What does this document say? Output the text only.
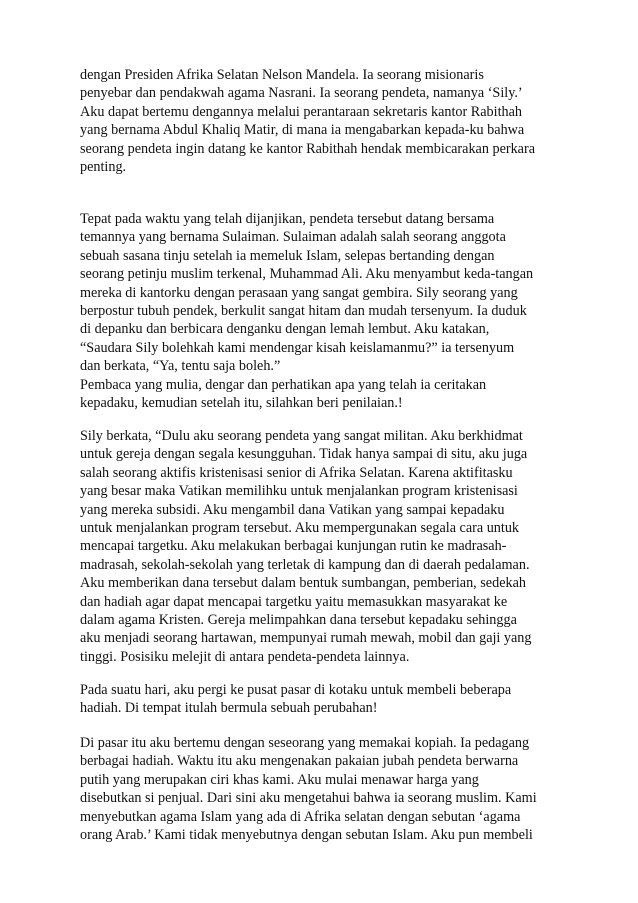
dengan Presiden Afrika Selatan Nelson Mandela. Ia seorang misionaris
penyebar dan pendakwah agama Nasrani. Ia seorang pendeta, namanya ‘Sily.’
Aku dapat bertemu dengannya melalui perantaraan sekretaris kantor Rabithah
yang bernama Abdul Khaliq Matir, di mana ia mengabarkan kepada-ku bahwa
seorang pendeta ingin datang ke kantor Rabithah hendak membicarakan perkara
penting.
Tepat pada waktu yang telah dijanjikan, pendeta tersebut datang bersama
temannya yang bernama Sulaiman. Sulaiman adalah salah seorang anggota
sebuah sasana tinju setelah ia memeluk Islam, selepas bertanding dengan
seorang petinju muslim terkenal, Muhammad Ali. Aku menyambut keda-tangan
mereka di kantorku dengan perasaan yang sangat gembira. Sily seorang yang
berpostur tubuh pendek, berkulit sangat hitam dan mudah tersenyum. Ia duduk
di depanku dan berbicara denganku dengan lemah lembut. Aku katakan,
“Saudara Sily bolehkah kami mendengar kisah keislamanmu?” ia tersenyum
dan berkata, “Ya, tentu saja boleh.”
Pembaca yang mulia, dengar dan perhatikan apa yang telah ia ceritakan
kepadaku, kemudian setelah itu, silahkan beri penilaian.!
Sily berkata, “Dulu aku seorang pendeta yang sangat militan. Aku berkhidmat
untuk gereja dengan segala kesungguhan. Tidak hanya sampai di situ, aku juga
salah seorang aktifis kristenisasi senior di Afrika Selatan. Karena aktifitasku
yang besar maka Vatikan memilihku untuk menjalankan program kristenisasi
yang mereka subsidi. Aku mengambil dana Vatikan yang sampai kepadaku
untuk menjalankan program tersebut. Aku mempergunakan segala cara untuk
mencapai targetku. Aku melakukan berbagai kunjungan rutin ke madrasah-
madrasah, sekolah-sekolah yang terletak di kampung dan di daerah pedalaman.
Aku memberikan dana tersebut dalam bentuk sumbangan, pemberian, sedekah
dan hadiah agar dapat mencapai targetku yaitu memasukkan masyarakat ke
dalam agama Kristen. Gereja melimpahkan dana tersebut kepadaku sehingga
aku menjadi seorang hartawan, mempunyai rumah mewah, mobil dan gaji yang
tinggi. Posisiku melejit di antara pendeta-pendeta lainnya.
Pada suatu hari, aku pergi ke pusat pasar di kotaku untuk membeli beberapa
hadiah. Di tempat itulah bermula sebuah perubahan!
Di pasar itu aku bertemu dengan seseorang yang memakai kopiah. Ia pedagang
berbagai hadiah. Waktu itu aku mengenakan pakaian jubah pendeta berwarna
putih yang merupakan ciri khas kami. Aku mulai menawar harga yang
disebutkan si penjual. Dari sini aku mengetahui bahwa ia seorang muslim. Kami
menyebutkan agama Islam yang ada di Afrika selatan dengan sebutan ‘agama
orang Arab.’ Kami tidak menyebutnya dengan sebutan Islam. Aku pun membeli
